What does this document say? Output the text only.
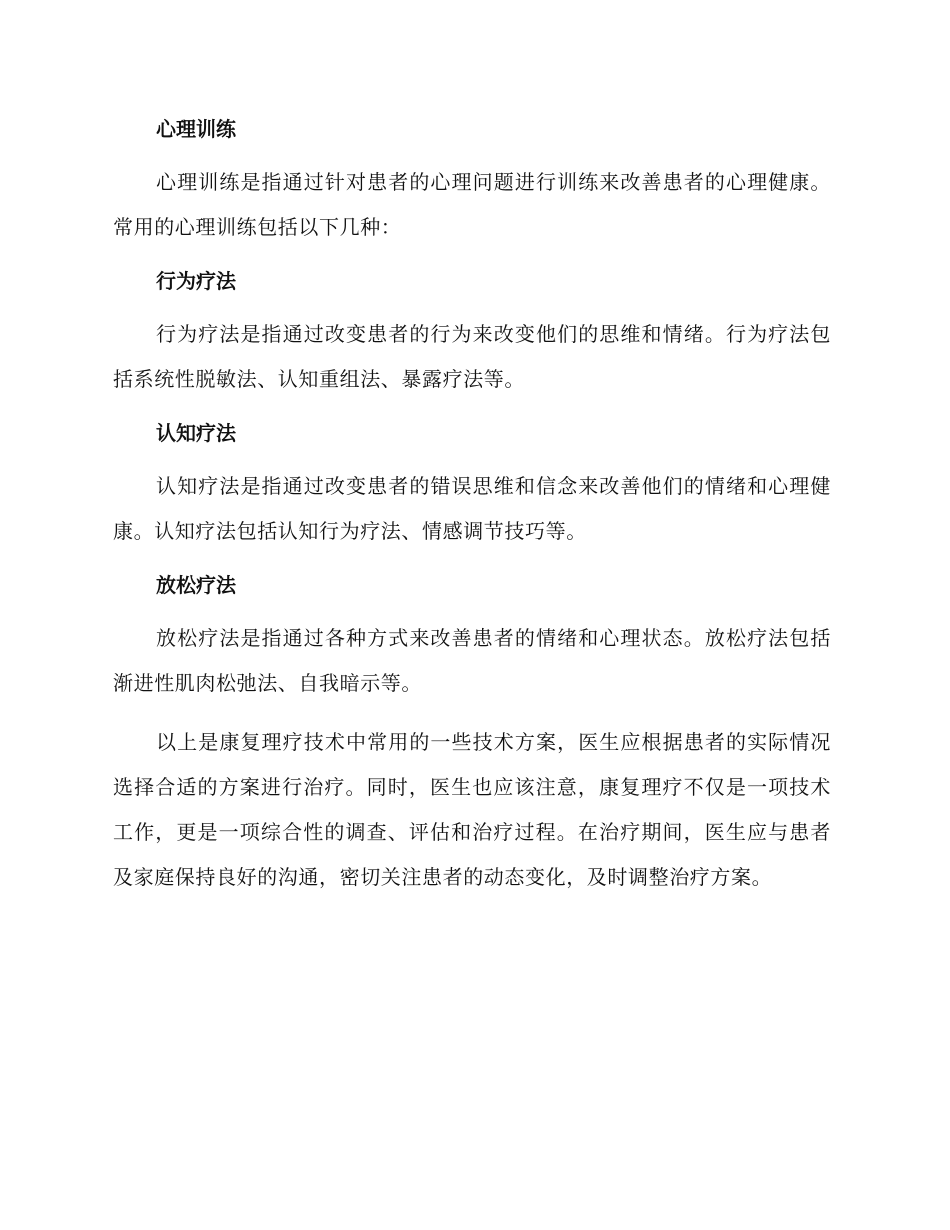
心理训练

心理训练是指通过针对患者的心理问题进行训练来改善患者的心理健康。常用的心理训练包括以下几种：

行为疗法

行为疗法是指通过改变患者的行为来改变他们的思维和情绪。行为疗法包括系统性脱敏法、认知重组法、暴露疗法等。

认知疗法

认知疗法是指通过改变患者的错误思维和信念来改善他们的情绪和心理健康。认知疗法包括认知行为疗法、情感调节技巧等。

放松疗法

放松疗法是指通过各种方式来改善患者的情绪和心理状态。放松疗法包括渐进性肌肉松弛法、自我暗示等。

以上是康复理疗技术中常用的一些技术方案，医生应根据患者的实际情况选择合适的方案进行治疗。同时，医生也应该注意，康复理疗不仅是一项技术工作，更是一项综合性的调查、评估和治疗过程。在治疗期间，医生应与患者及家庭保持良好的沟通，密切关注患者的动态变化，及时调整治疗方案。
